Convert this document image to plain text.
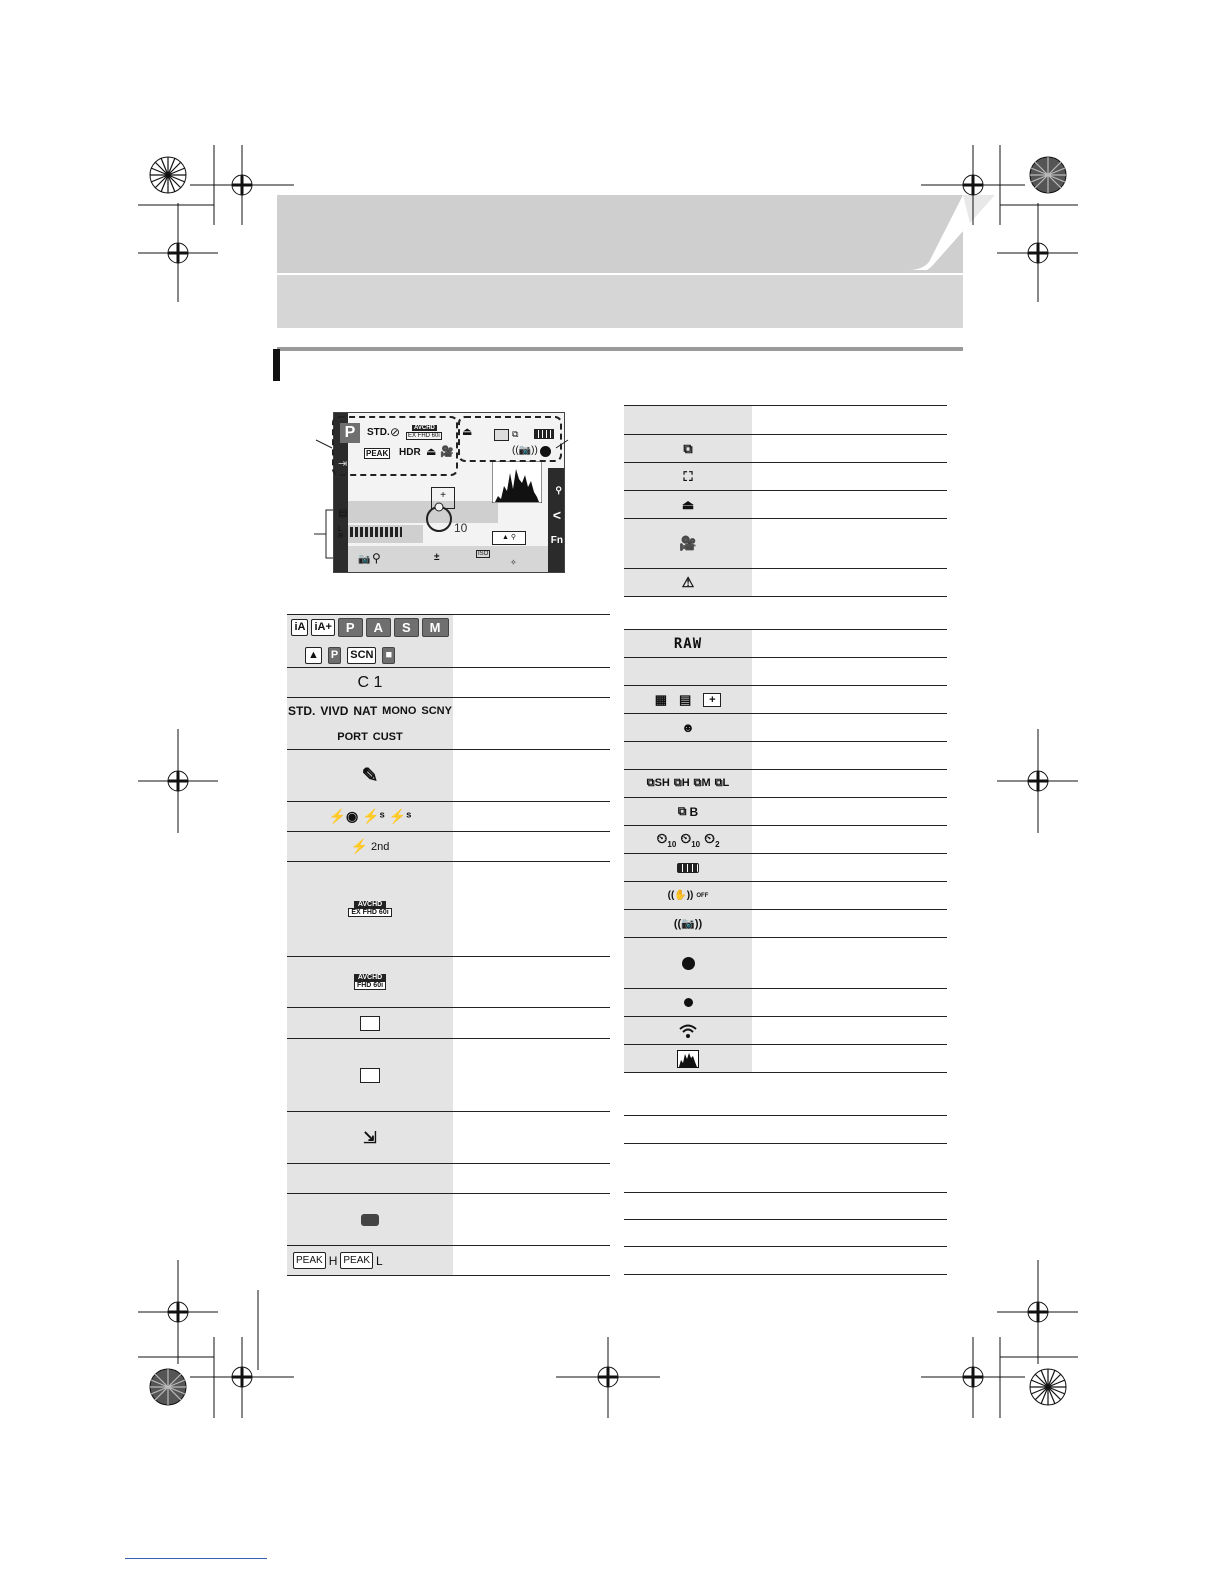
P	STD. ⊘	AVCHD
EX FHD 60i
PEAK HDR ⏏ 🎥
⇥
⏏	⧉
((📷))
+
10
▤
L
R
📷 ⚲	±	ISO
▲ ⚲
✧
⚲
<
Fn
iA iA+	P	A	S	M
▲ P SCN ■
C 1
STD. VIVD NAT MONO SCNY
PORT CUST
✎
⚡◉ ⚡ˢ ⚡ˢ
⚡ 2nd
AVCHD
EX FHD 60i
AVCHD
FHD 60i
⇲
PEAK H PEAK L
⧉
⛶
⏏
🎥
⚠
RAW
▦ ▤	+
☻
⧉SH ⧉H ⧉M ⧉L
⧉ B
$⏲_{10}$ $⏲_{10}$ $⏲_2$
((✋)) OFF
((📷))
